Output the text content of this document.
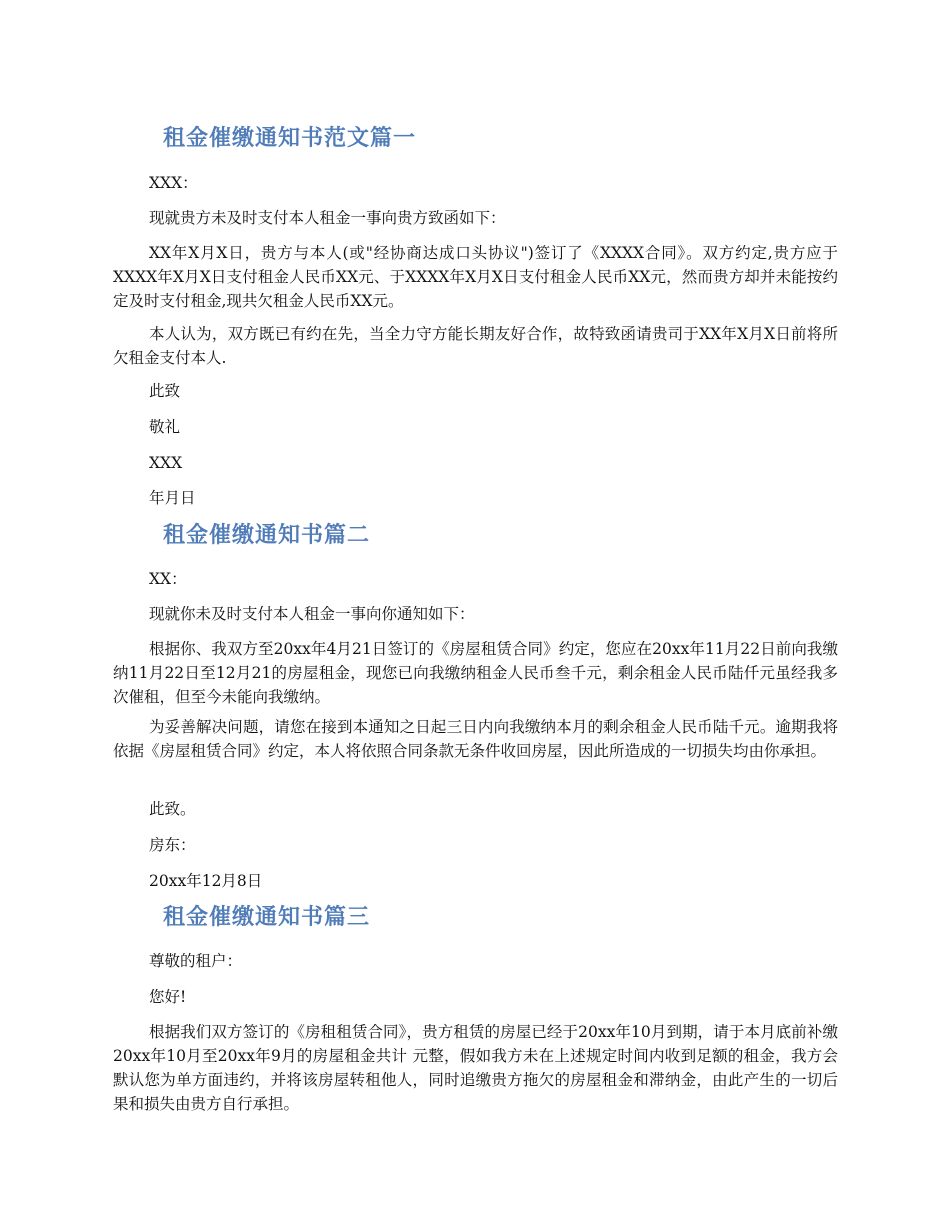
租金催缴通知书范文篇一

XXX：

现就贵方未及时支付本人租金一事向贵方致函如下：

XX年X月X日，贵方与本人(或"经协商达成口头协议")签订了《XXXX合同》。双方约定,贵方应于XXXX年X月X日支付租金人民币XX元、于XXXX年X月X日支付租金人民币XX元，然而贵方却并未能按约定及时支付租金,现共欠租金人民币XX元。

本人认为，双方既已有约在先，当全力守方能长期友好合作，故特致函请贵司于XX年X月X日前将所欠租金支付本人.

此致

敬礼

XXX

年月日

租金催缴通知书篇二

XX：

现就你未及时支付本人租金一事向你通知如下：

根据你、我双方至20xx年4月21日签订的《房屋租赁合同》约定，您应在20xx年11月22日前向我缴纳11月22日至12月21的房屋租金，现您已向我缴纳租金人民币叁千元，剩余租金人民币陆仟元虽经我多次催租，但至今未能向我缴纳。

为妥善解决问题，请您在接到本通知之日起三日内向我缴纳本月的剩余租金人民币陆千元。逾期我将依据《房屋租赁合同》约定，本人将依照合同条款无条件收回房屋，因此所造成的一切损失均由你承担。

此致。

房东：

20xx年12月8日

租金催缴通知书篇三

尊敬的租户：

您好!

根据我们双方签订的《房租租赁合同》，贵方租赁的房屋已经于20xx年10月到期，请于本月底前补缴20xx年10月至20xx年9月的房屋租金共计 元整，假如我方未在上述规定时间内收到足额的租金，我方会默认您为单方面违约，并将该房屋转租他人，同时追缴贵方拖欠的房屋租金和滞纳金，由此产生的一切后果和损失由贵方自行承担。
